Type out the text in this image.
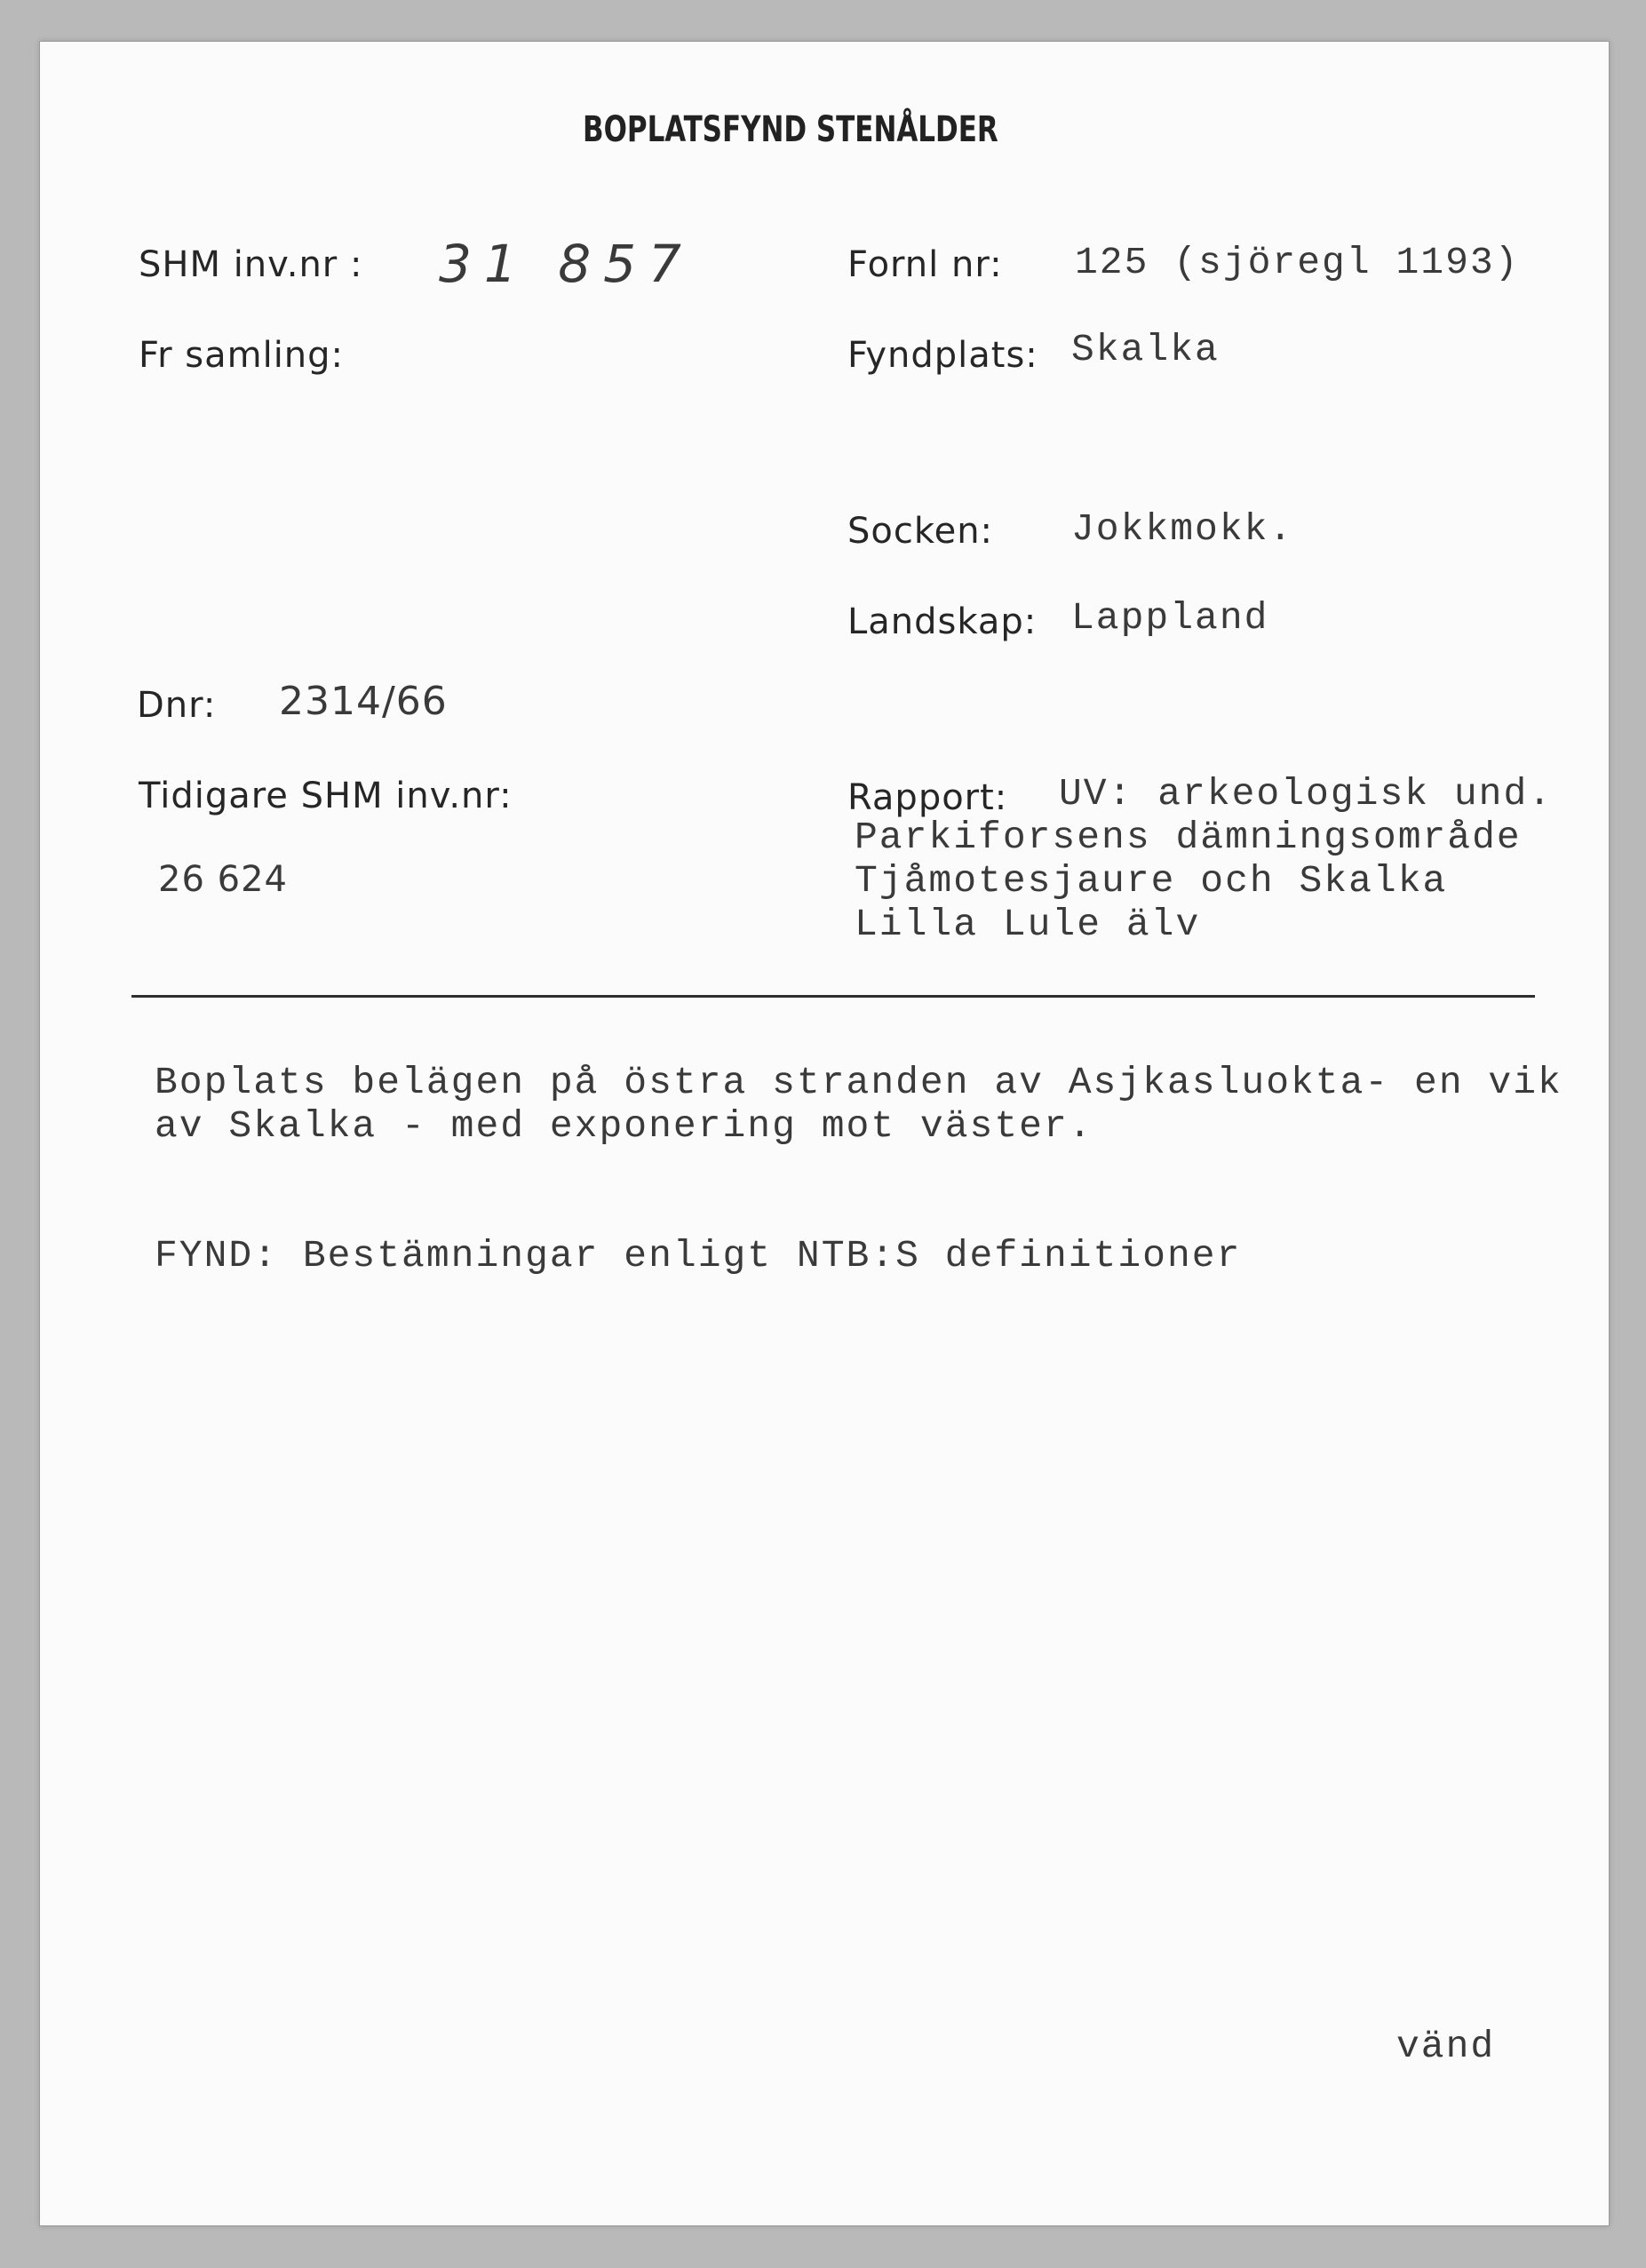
BOPLATSFYND STENÅLDER
SHM inv.nr : 31 857	Fornl nr: 125 (sjöregl 1193)
Fr samling:	Fyndplats: Skalka
Socken: Jokkmokk.
Landskap: Lappland
Dnr: 2314/66
Tidigare SHM inv.nr:
26 624
Rapport: UV: arkeologisk und.
Parkiforsens dämningsområde
Tjåmotesjaure och Skalka
Lilla Lule älv
Boplats belägen på östra stranden av Asjkasluokta- en vik
av Skalka - med exponering mot väster.
FYND: Bestämningar enligt NTB:S definitioner
vänd
